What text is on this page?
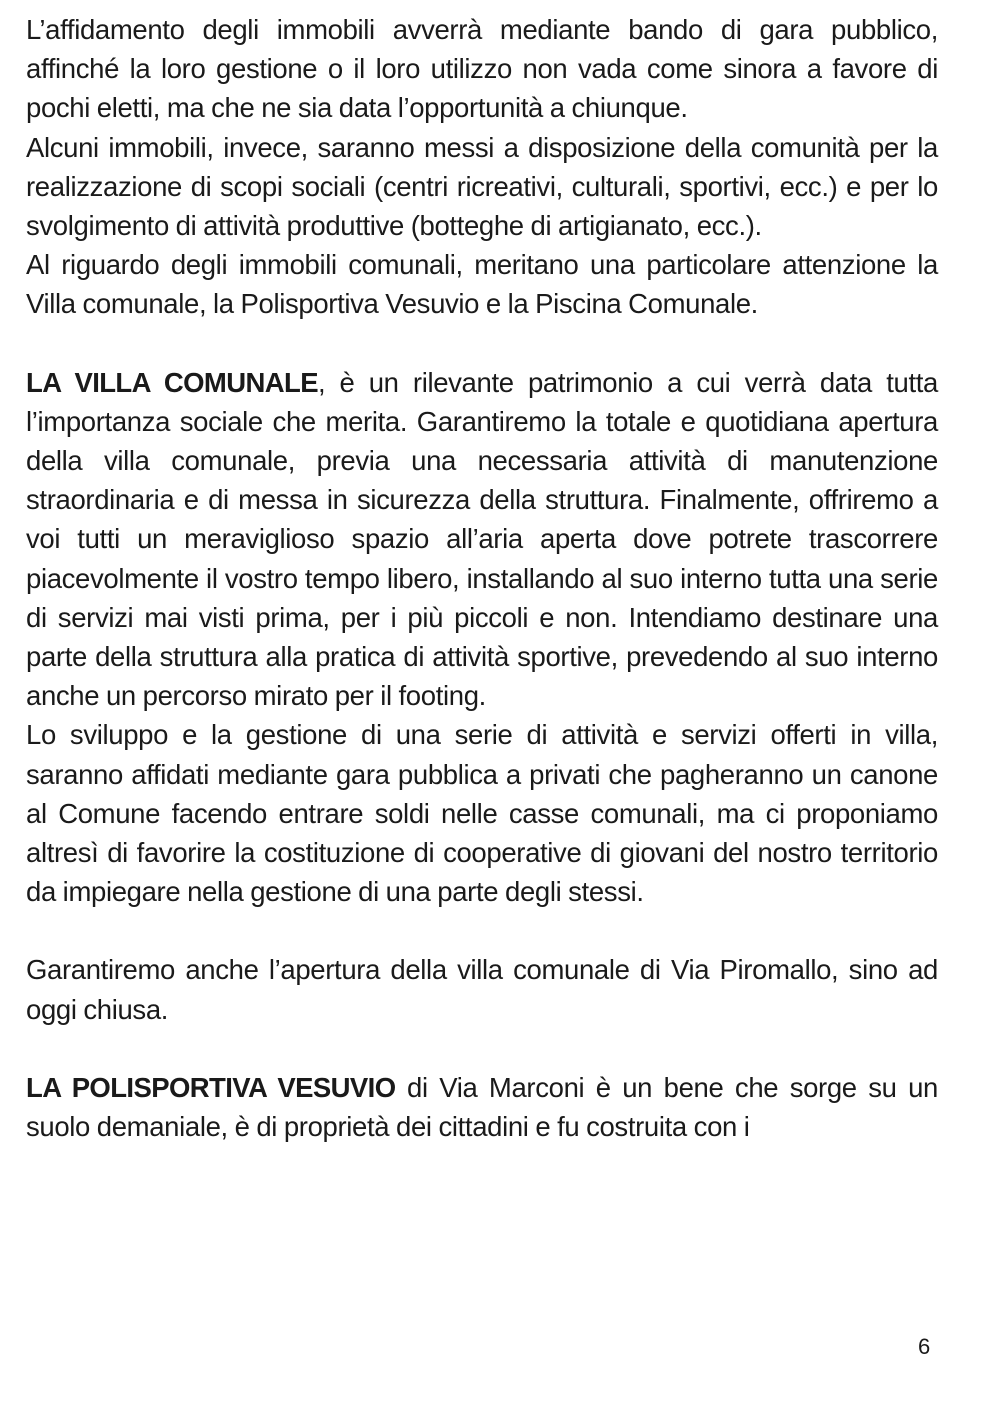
L’affidamento degli immobili avverrà mediante bando di gara pubblico, affinché la loro gestione o il loro utilizzo non vada come sinora a favore di pochi eletti, ma che ne sia data l’opportunità a chiunque.

Alcuni immobili, invece, saranno messi a disposizione della comunità per la realizzazione di scopi sociali (centri ricreativi, culturali, sportivi, ecc.) e per lo svolgimento di attività produttive (botteghe di artigianato, ecc.).

Al riguardo degli immobili comunali, meritano una particolare attenzione la Villa comunale, la Polisportiva Vesuvio e la Piscina Comunale.

LA VILLA COMUNALE, è un rilevante patrimonio a cui verrà data tutta l’importanza sociale che merita. Garantiremo la totale e quotidiana apertura della villa comunale, previa una necessaria attività di manutenzione straordinaria e di messa in sicurezza della struttura. Finalmente, offriremo a voi tutti un meraviglioso spazio all’aria aperta dove potrete trascorrere piacevolmente il vostro tempo libero, installando al suo interno tutta una serie di servizi mai visti prima, per i più piccoli e non. Intendiamo destinare una parte della struttura alla pratica di attività sportive, prevedendo al suo interno anche un percorso mirato per il footing.

Lo sviluppo e la gestione di una serie di attività e servizi offerti in villa, saranno affidati mediante gara pubblica a privati che pagheranno un canone al Comune facendo entrare soldi nelle casse comunali, ma ci proponiamo altresì di favorire la costituzione di cooperative di giovani del nostro territorio da impiegare nella gestione di una parte degli stessi.

Garantiremo anche l’apertura della villa comunale di Via Piromallo, sino ad oggi chiusa.

LA POLISPORTIVA VESUVIO di Via Marconi è un bene che sorge su un suolo demaniale, è di proprietà dei cittadini e fu costruita con i

6
